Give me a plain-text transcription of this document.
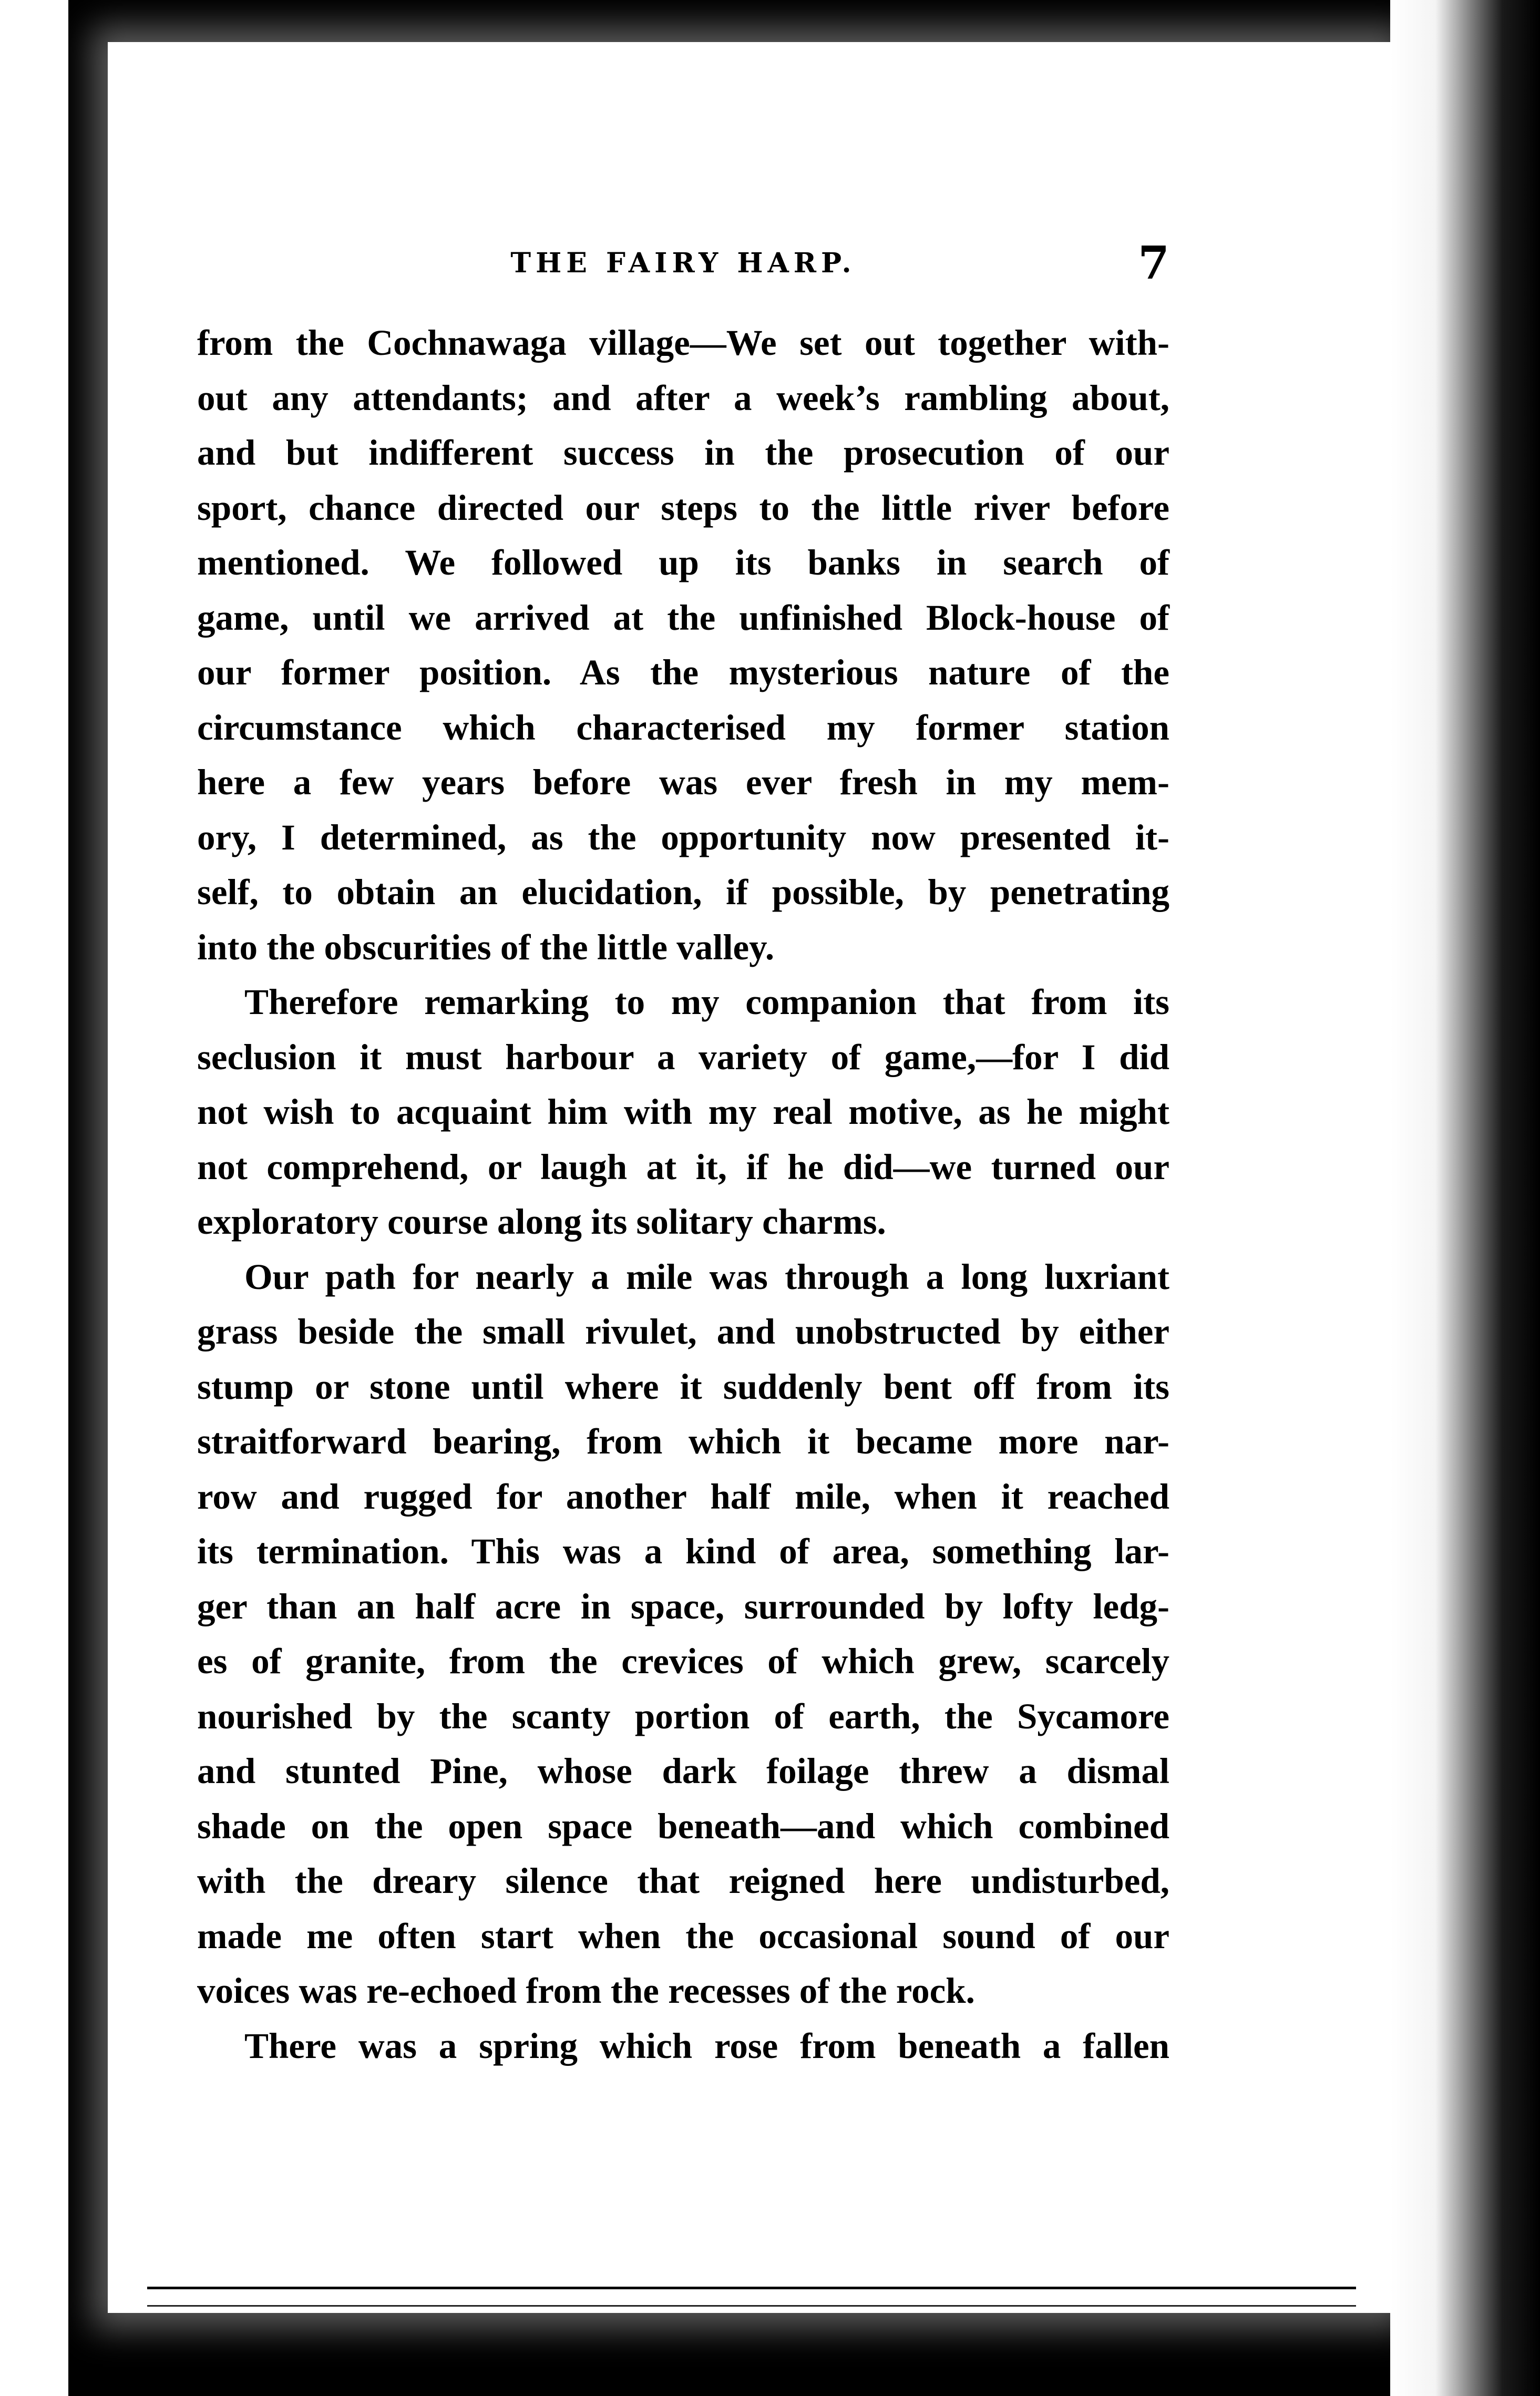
THE FAIRY HARP.	7
from the Cochnawaga village—We set out together with-
out any attendants; and after a week’s rambling about,
and but indifferent success in the prosecution of our
sport, chance directed our steps to the little river before
mentioned. We followed up its banks in search of
game, until we arrived at the unfinished Block-house of
our former position. As the mysterious nature of the
circumstance which characterised my former station
here a few years before was ever fresh in my mem-
ory, I determined, as the opportunity now presented it-
self, to obtain an elucidation, if possible, by penetrating
into the obscurities of the little valley.
Therefore remarking to my companion that from its
seclusion it must harbour a variety of game,—for I did
not wish to acquaint him with my real motive, as he might
not comprehend, or laugh at it, if he did—we turned our
exploratory course along its solitary charms.
Our path for nearly a mile was through a long luxriant
grass beside the small rivulet, and unobstructed by either
stump or stone until where it suddenly bent off from its
straitforward bearing, from which it became more nar-
row and rugged for another half mile, when it reached
its termination. This was a kind of area, something lar-
ger than an half acre in space, surrounded by lofty ledg-
es of granite, from the crevices of which grew, scarcely
nourished by the scanty portion of earth, the Sycamore
and stunted Pine, whose dark foilage threw a dismal
shade on the open space beneath—and which combined
with the dreary silence that reigned here undisturbed,
made me often start when the occasional sound of our
voices was re-echoed from the recesses of the rock.
There was a spring which rose from beneath a fallen
